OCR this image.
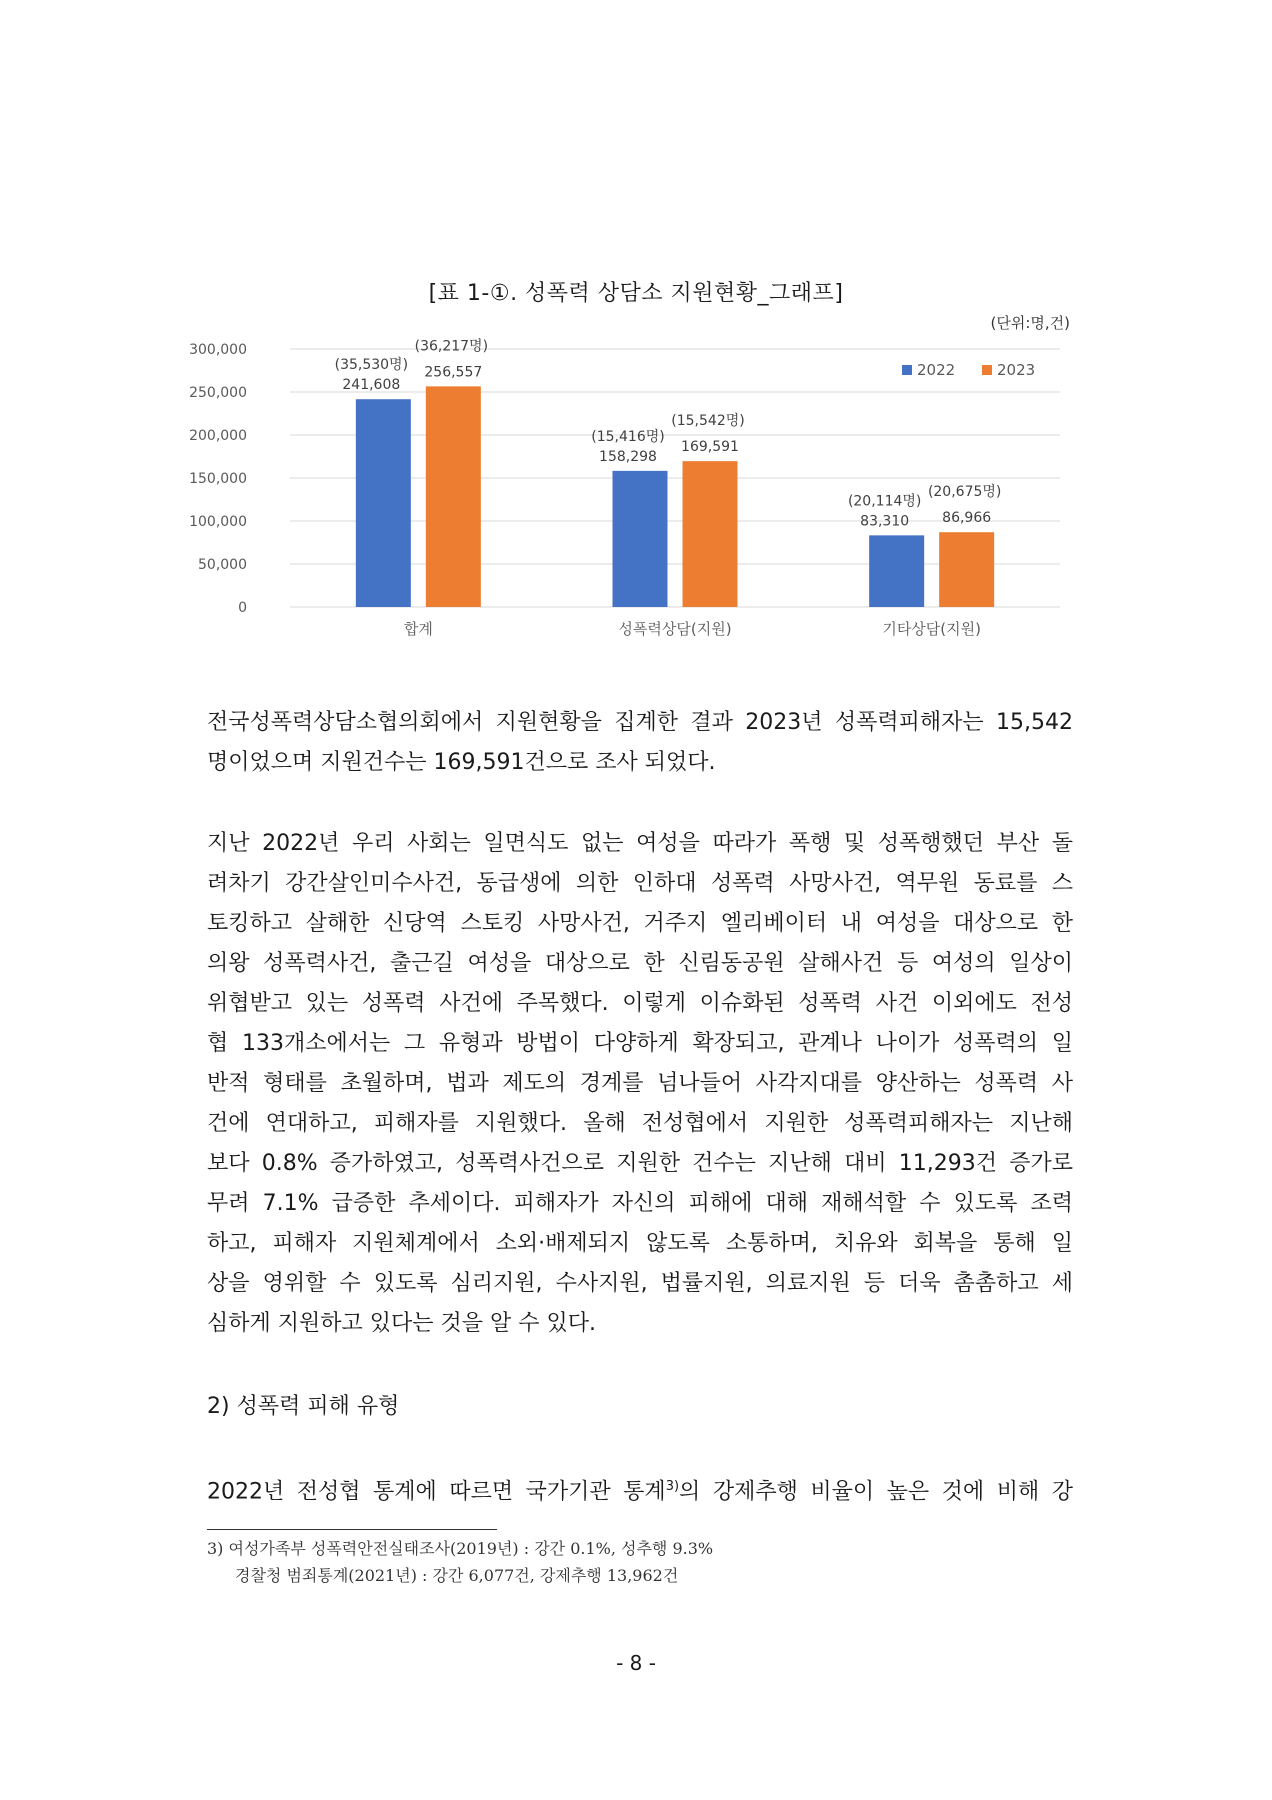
[표 1-①. 성폭력 상담소 지원현황_그래프]
(단위:명,건)
0
50,000
100,000
150,000
200,000
250,000
300,000
241,608
(35,530명) 256,557
(36,217명)
합계
158,298
(15,416명)
169,591
(15,542명)
성폭력상담(지원)
83,310
(20,114명)
86,966
(20,675명)
기타상담(지원)
2022	2023
전국성폭력상담소협의회에서 지원현황을 집계한 결과 2023년 성폭력피해자는 15,542
명이었으며 지원건수는 169,591건으로 조사 되었다.
지난 2022년 우리 사회는 일면식도 없는 여성을 따라가 폭행 및 성폭행했던 부산 돌
려차기 강간살인미수사건, 동급생에 의한 인하대 성폭력 사망사건, 역무원 동료를 스
토킹하고 살해한 신당역 스토킹 사망사건, 거주지 엘리베이터 내 여성을 대상으로 한
의왕 성폭력사건, 출근길 여성을 대상으로 한 신림동공원 살해사건 등 여성의 일상이
위협받고 있는 성폭력 사건에 주목했다. 이렇게 이슈화된 성폭력 사건 이외에도 전성
협 133개소에서는 그 유형과 방법이 다양하게 확장되고, 관계나 나이가 성폭력의 일
반적 형태를 초월하며, 법과 제도의 경계를 넘나들어 사각지대를 양산하는 성폭력 사
건에 연대하고, 피해자를 지원했다. 올해 전성협에서 지원한 성폭력피해자는 지난해
보다 0.8% 증가하였고, 성폭력사건으로 지원한 건수는 지난해 대비 11,293건 증가로
무려 7.1% 급증한 추세이다. 피해자가 자신의 피해에 대해 재해석할 수 있도록 조력
하고, 피해자 지원체계에서 소외·배제되지 않도록 소통하며, 치유와 회복을 통해 일
상을 영위할 수 있도록 심리지원, 수사지원, 법률지원, 의료지원 등 더욱 촘촘하고 세
심하게 지원하고 있다는 것을 알 수 있다.
2) 성폭력 피해 유형
2022년 전성협 통계에 따르면 국가기관 통계$^{3)}$의 강제추행 비율이 높은 것에 비해 강
3) 여성가족부 성폭력안전실태조사(2019년) : 강간 0.1%, 성추행 9.3%
경찰청 범죄통계(2021년) : 강간 6,077건, 강제추행 13,962건
- 8 -
